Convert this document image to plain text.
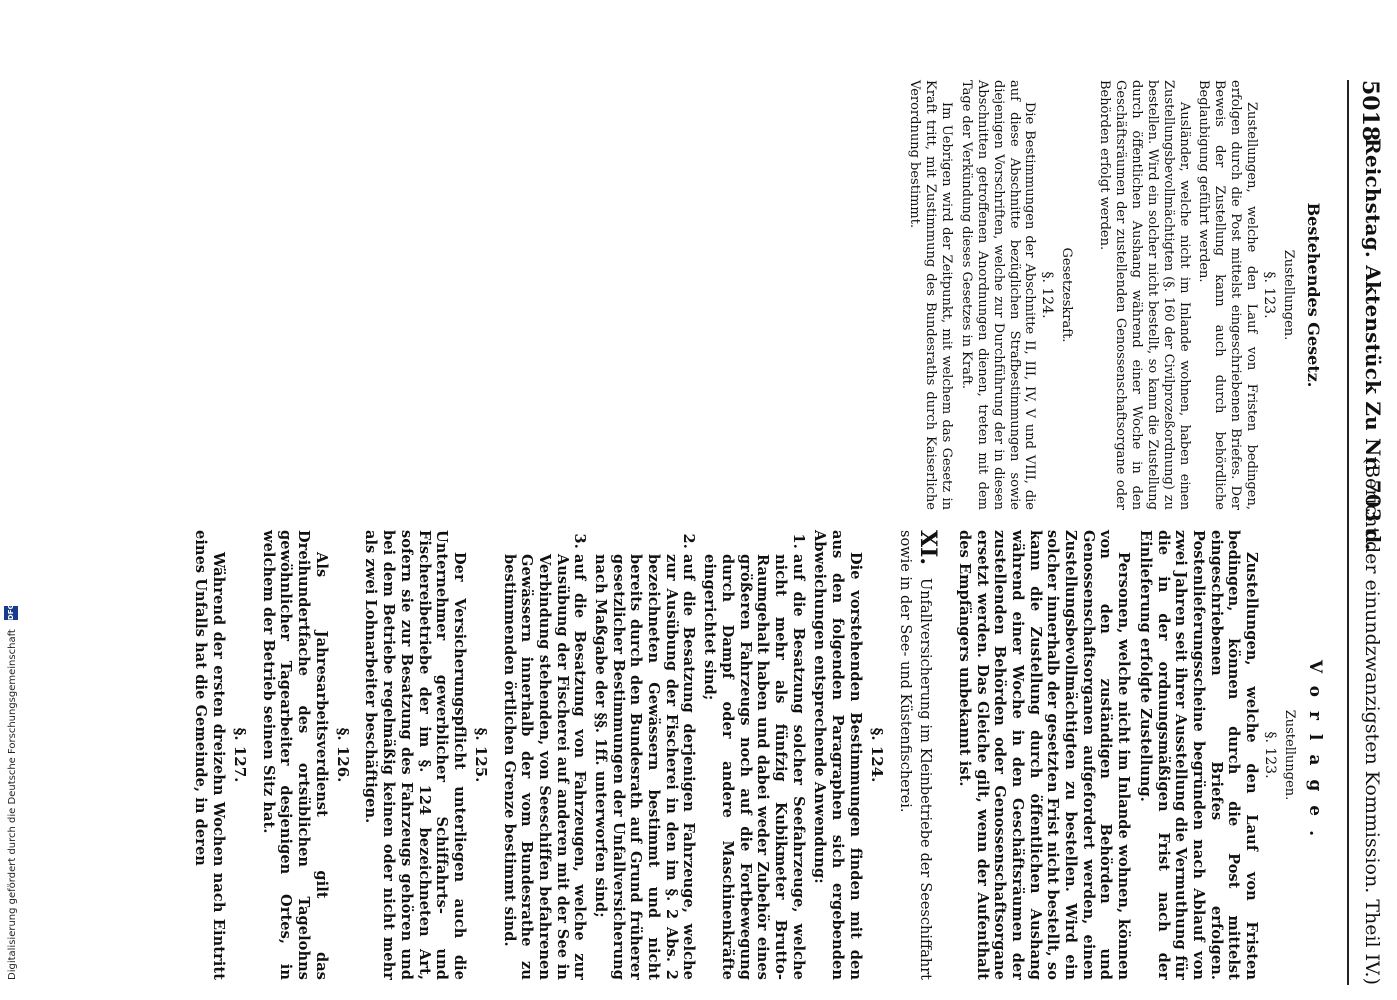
5018
Reichstag. Aktenstück Zu Nr. 703 d.
(Bericht der einundzwanzigsten Kommission. Theil IV.)
Bestehendes Gesetz.
Zustellungen.
§. 123.

Zustellungen, welche den Lauf von Fristen bedingen, erfolgen durch die Post mittelst eingeschriebenen Briefes. Der Beweis der Zustellung kann auch durch behördliche Beglaubigung geführt werden.

Ausländer, welche nicht im Inlande wohnen, haben einen Zustellungsbevollmächtigten (§. 160 der Civilprozeßordnung) zu bestellen. Wird ein solcher nicht bestellt, so kann die Zustellung durch öffentlichen Aushang während einer Woche in den Geschäftsräumen der zustellenden Genossenschaftsorgane oder Behörden erfolgt werden.

Gesetzeskraft.
§. 124.

Die Bestimmungen der Abschnitte II, III, IV, V und VIII, die auf diese Abschnitte bezüglichen Strafbestimmungen sowie diejenigen Vorschriften, welche zur Durchführung der in diesen Abschnitten getroffenen Anordnungen dienen, treten mit dem Tage der Verkündung dieses Gesetzes in Kraft.

Im Uebrigen wird der Zeitpunkt, mit welchem das Gesetz in Kraft tritt, mit Zustimmung des Bundesraths durch Kaiserliche Verordnung bestimmt.

Vorlage.
Zustellungen.
§. 123.

Zustellungen, welche den Lauf von Fristen bedingen, können durch die Post mittelst eingeschriebenen Briefes erfolgen. Postenlieferungsscheine begründen nach Ablauf von zwei Jahren seit ihrer Ausstellung die Vermuthung für die in der ordnungsmäßigen Frist nach der Einlieferung erfolgte Zustellung.

Personen, welche nicht im Inlande wohnen, können von den zuständigen Behörden und Genossenschaftsorganen aufgefordert werden, einen Zustellungsbevollmächtigten zu bestellen. Wird ein solcher innerhalb der gesetzten Frist nicht bestellt, so kann die Zustellung durch öffentlichen Aushang während einer Woche in den Geschäftsräumen der zustellenden Behörden oder Genossenschaftsorgane ersetzt werden. Das Gleiche gilt, wenn der Aufenthalt des Empfängers unbekannt ist.

XI. Unfallversicherung im Kleinbetriebe der Seeschiffahrt sowie in der See- und Küstenfischerei.
§. 124.

Die vorstehenden Bestimmungen finden mit den aus den folgenden Paragraphen sich ergebenden Abweichungen entsprechende Anwendung:

1. auf die Besatzung solcher Seefahrzeuge, welche nicht mehr als fünfzig Kubikmeter Brutto-Raumgehalt haben und dabei weder Zubehör eines größeren Fahrzeugs noch auf die Fortbewegung durch Dampf oder andere Maschinenkräfte eingerichtet sind;
2. auf die Besatzung derjenigen Fahrzeuge, welche zur Ausübung der Fischerei in den im §. 2 Abs. 2 bezeichneten Gewässern bestimmt und nicht bereits durch den Bundesrath auf Grund früherer gesetzlicher Bestimmungen der Unfallversicherung nach Maßgabe der §§. 1ff. unterworfen sind;
3. auf die Besatzung von Fahrzeugen, welche zur Ausübung der Fischerei auf anderen mit der See in Verbindung stehenden, von Seeschiffen befahrenen Gewässern innerhalb der vom Bundesrathe zu bestimmenden örtlichen Grenze bestimmt sind.
§. 125.

Der Versicherungspflicht unterliegen auch die Unternehmer gewerblicher Schiffahrts- und Fischereibetriebe der im §. 124 bezeichneten Art, sofern sie zur Besatzung des Fahrzeugs gehören und bei dem Betriebe regelmäßig keinen oder nicht mehr als zwei Lohnarbeiter beschäftigen.

§. 126.

Als Jahresarbeitsverdienst gilt das Dreihundertfache des ortsüblichen Tagelohns gewöhnlicher Tagearbeiter desjenigen Ortes, in welchem der Betrieb seinen Sitz hat.

§. 127.

Während der ersten dreizehn Wochen nach Eintritt eines Unfalls hat die Gemeinde, in deren

Digitalisierung gefördert durch die Deutsche Forschungsgemeinschaft DFG
